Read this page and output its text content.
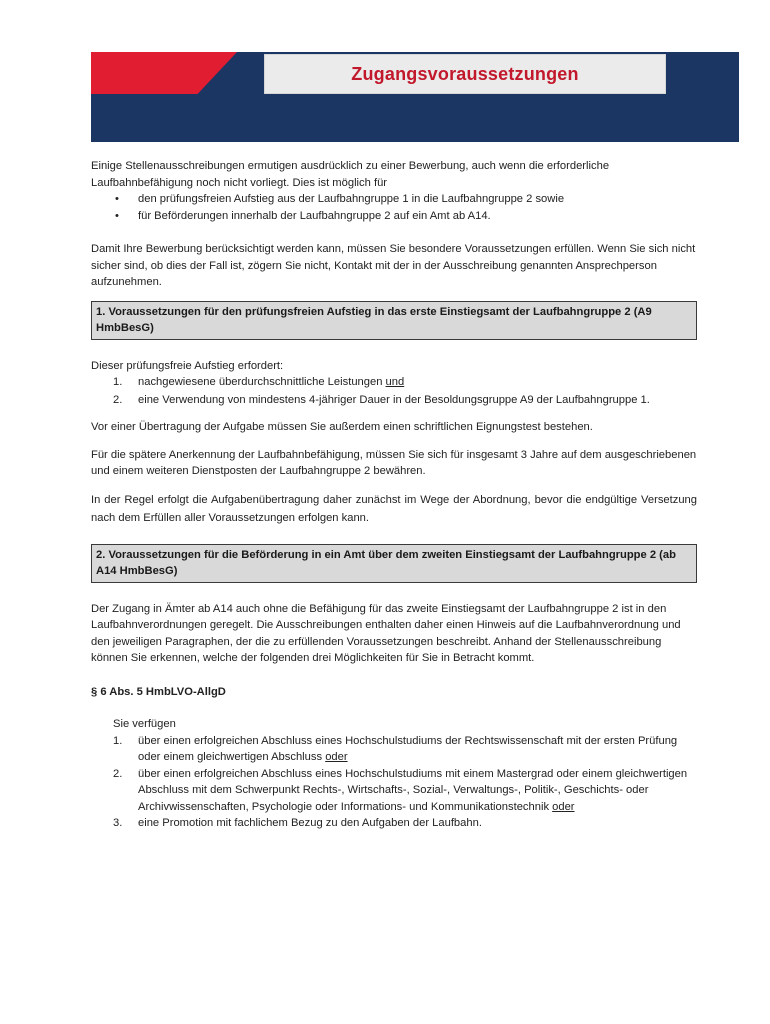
Zugangsvoraussetzungen

Einige Stellenausschreibungen ermutigen ausdrücklich zu einer Bewerbung, auch wenn die erforderliche Laufbahnbefähigung noch nicht vorliegt. Dies ist möglich für

• den prüfungsfreien Aufstieg aus der Laufbahngruppe 1 in die Laufbahngruppe 2 sowie
• für Beförderungen innerhalb der Laufbahngruppe 2 auf ein Amt ab A14.

Damit Ihre Bewerbung berücksichtigt werden kann, müssen Sie besondere Voraussetzungen erfüllen. Wenn Sie sich nicht sicher sind, ob dies der Fall ist, zögern Sie nicht, Kontakt mit der in der Ausschreibung genannten Ansprechperson aufzunehmen.

1. Voraussetzungen für den prüfungsfreien Aufstieg in das erste Einstiegsamt der Laufbahngruppe 2 (A9 HmbBesG)

Dieser prüfungsfreie Aufstieg erfordert:

1. nachgewiesene überdurchschnittliche Leistungen und
2. eine Verwendung von mindestens 4-jähriger Dauer in der Besoldungsgruppe A9 der Laufbahngruppe 1.

Vor einer Übertragung der Aufgabe müssen Sie außerdem einen schriftlichen Eignungstest bestehen.

Für die spätere Anerkennung der Laufbahnbefähigung, müssen Sie sich für insgesamt 3 Jahre auf dem ausgeschriebenen und einem weiteren Dienstposten der Laufbahngruppe 2 bewähren.

In der Regel erfolgt die Aufgabenübertragung daher zunächst im Wege der Abordnung, bevor die endgültige Versetzung nach dem Erfüllen aller Voraussetzungen erfolgen kann.

2. Voraussetzungen für die Beförderung in ein Amt über dem zweiten Einstiegsamt der Laufbahngruppe 2 (ab A14 HmbBesG)

Der Zugang in Ämter ab A14 auch ohne die Befähigung für das zweite Einstiegsamt der Laufbahngruppe 2 ist in den Laufbahnverordnungen geregelt. Die Ausschreibungen enthalten daher einen Hinweis auf die Laufbahnverordnung und den jeweiligen Paragraphen, der die zu erfüllenden Voraussetzungen beschreibt. Anhand der Stellenausschreibung können Sie erkennen, welche der folgenden drei Möglichkeiten für Sie in Betracht kommt.

§ 6 Abs. 5 HmbLVO-AllgD

Sie verfügen

1. über einen erfolgreichen Abschluss eines Hochschulstudiums der Rechtswissenschaft mit der ersten Prüfung oder einem gleichwertigen Abschluss oder
2. über einen erfolgreichen Abschluss eines Hochschulstudiums mit einem Mastergrad oder einem gleichwertigen Abschluss mit dem Schwerpunkt Rechts-, Wirtschafts-, Sozial-, Verwaltungs-, Politik-, Geschichts- oder Archivwissenschaften, Psychologie oder Informations- und Kommunikationstechnik oder
3. eine Promotion mit fachlichem Bezug zu den Aufgaben der Laufbahn.
